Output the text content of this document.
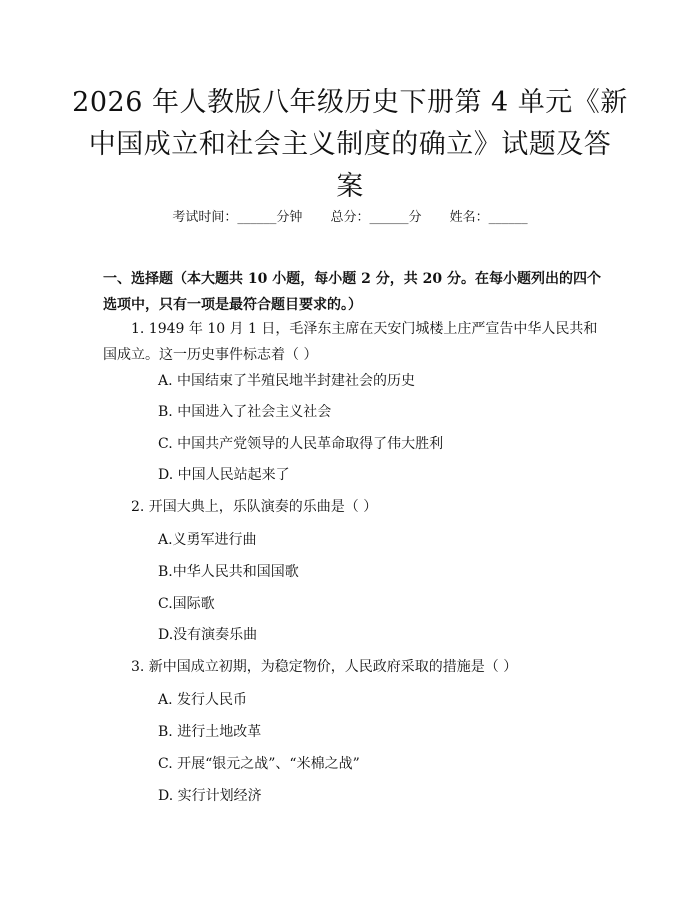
2026 年人教版八年级历史下册第 4 单元《新
中国成立和社会主义制度的确立》试题及答
案
考试时间：______分钟 总分：______分 姓名：______
一、选择题（本大题共 10 小题，每小题 2 分，共 20 分。在每小题列出的四个选项中，只有一项是最符合题目要求的。）
1. 1949 年 10 月 1 日，毛泽东主席在天安门城楼上庄严宣告中华人民共和国成立。这一历史事件标志着（ ）
A. 中国结束了半殖民地半封建社会的历史
B. 中国进入了社会主义社会
C. 中国共产党领导的人民革命取得了伟大胜利
D. 中国人民站起来了
2. 开国大典上，乐队演奏的乐曲是（ ）
A.义勇军进行曲
B.中华人民共和国国歌
C.国际歌
D.没有演奏乐曲
3. 新中国成立初期，为稳定物价，人民政府采取的措施是（ ）
A. 发行人民币
B. 进行土地改革
C. 开展“银元之战”、“米棉之战”
D. 实行计划经济
